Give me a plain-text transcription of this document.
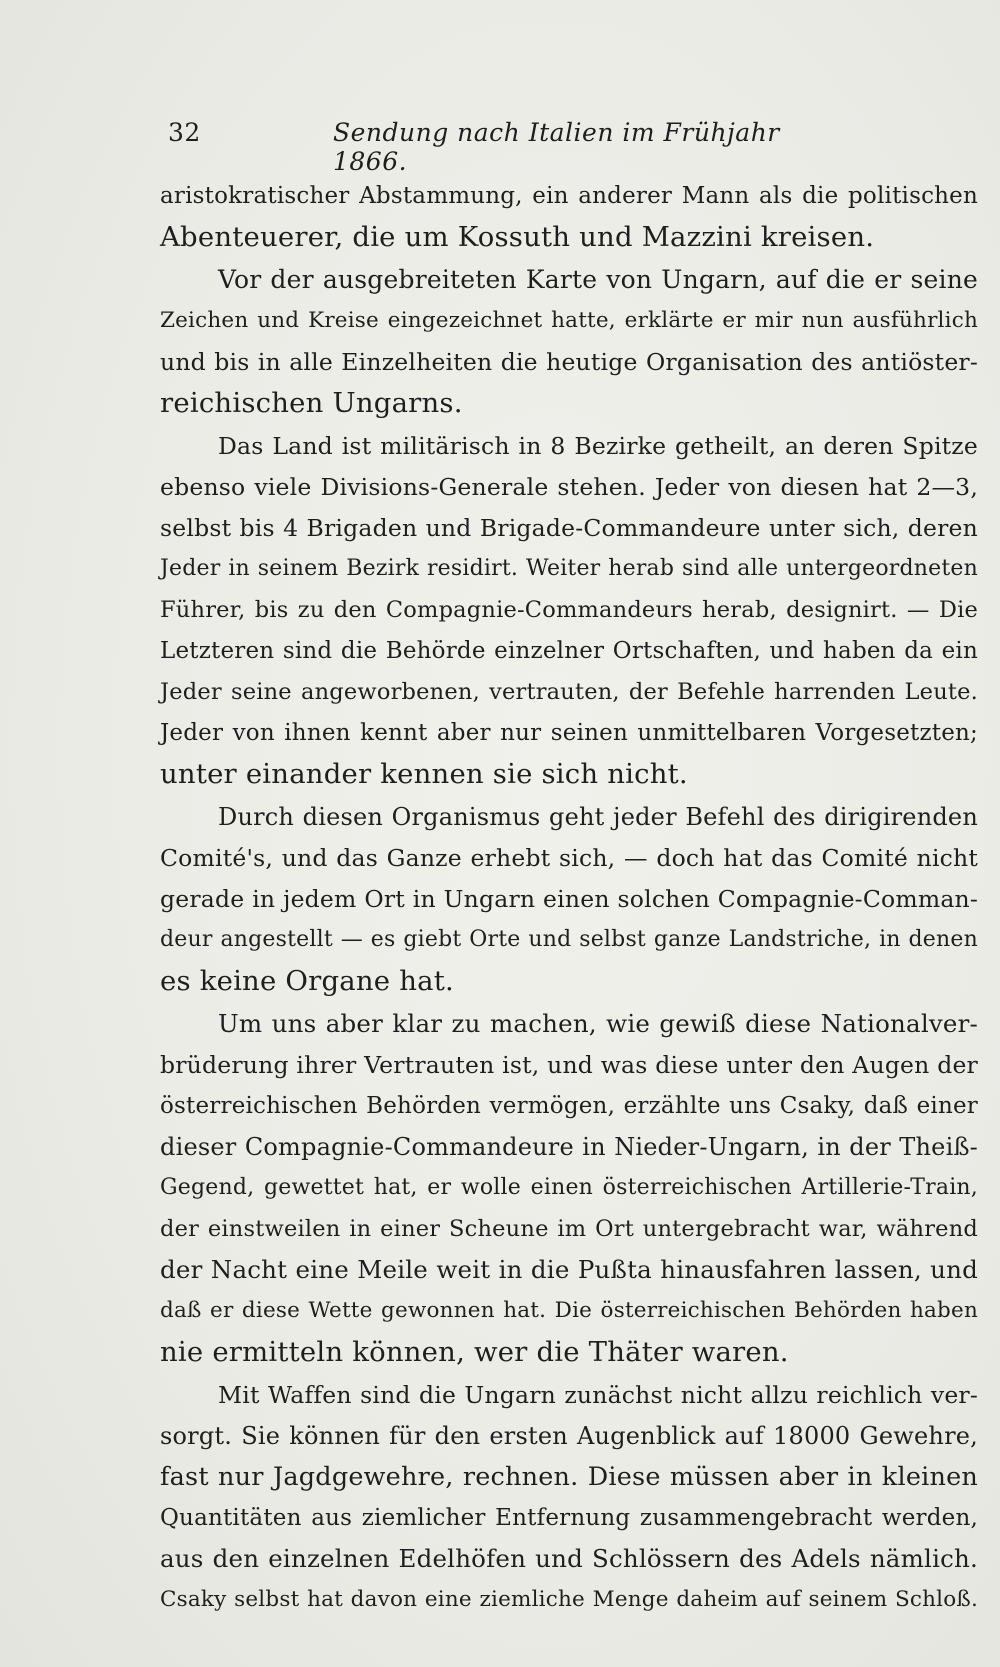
32	Sendung nach Italien im Frühjahr 1866.
aristokratischer Abstammung, ein anderer Mann als die politischen
Abenteuerer, die um Kossuth und Mazzini kreisen.
Vor der ausgebreiteten Karte von Ungarn, auf die er seine
Zeichen und Kreise eingezeichnet hatte, erklärte er mir nun ausführlich
und bis in alle Einzelheiten die heutige Organisation des antiöster-
reichischen Ungarns.
Das Land ist militärisch in 8 Bezirke getheilt, an deren Spitze
ebenso viele Divisions-Generale stehen. Jeder von diesen hat 2—3,
selbst bis 4 Brigaden und Brigade-Commandeure unter sich, deren
Jeder in seinem Bezirk residirt. Weiter herab sind alle untergeordneten
Führer, bis zu den Compagnie-Commandeurs herab, designirt. — Die
Letzteren sind die Behörde einzelner Ortschaften, und haben da ein
Jeder seine angeworbenen, vertrauten, der Befehle harrenden Leute.
Jeder von ihnen kennt aber nur seinen unmittelbaren Vorgesetzten;
unter einander kennen sie sich nicht.
Durch diesen Organismus geht jeder Befehl des dirigirenden
Comité's, und das Ganze erhebt sich, — doch hat das Comité nicht
gerade in jedem Ort in Ungarn einen solchen Compagnie-Comman-
deur angestellt — es giebt Orte und selbst ganze Landstriche, in denen
es keine Organe hat.
Um uns aber klar zu machen, wie gewiß diese Nationalver-
brüderung ihrer Vertrauten ist, und was diese unter den Augen der
österreichischen Behörden vermögen, erzählte uns Csaky, daß einer
dieser Compagnie-Commandeure in Nieder-Ungarn, in der Theiß-
Gegend, gewettet hat, er wolle einen österreichischen Artillerie-Train,
der einstweilen in einer Scheune im Ort untergebracht war, während
der Nacht eine Meile weit in die Pußta hinausfahren lassen, und
daß er diese Wette gewonnen hat. Die österreichischen Behörden haben
nie ermitteln können, wer die Thäter waren.
Mit Waffen sind die Ungarn zunächst nicht allzu reichlich ver-
sorgt. Sie können für den ersten Augenblick auf 18000 Gewehre,
fast nur Jagdgewehre, rechnen. Diese müssen aber in kleinen
Quantitäten aus ziemlicher Entfernung zusammengebracht werden,
aus den einzelnen Edelhöfen und Schlössern des Adels nämlich.
Csaky selbst hat davon eine ziemliche Menge daheim auf seinem Schloß.
